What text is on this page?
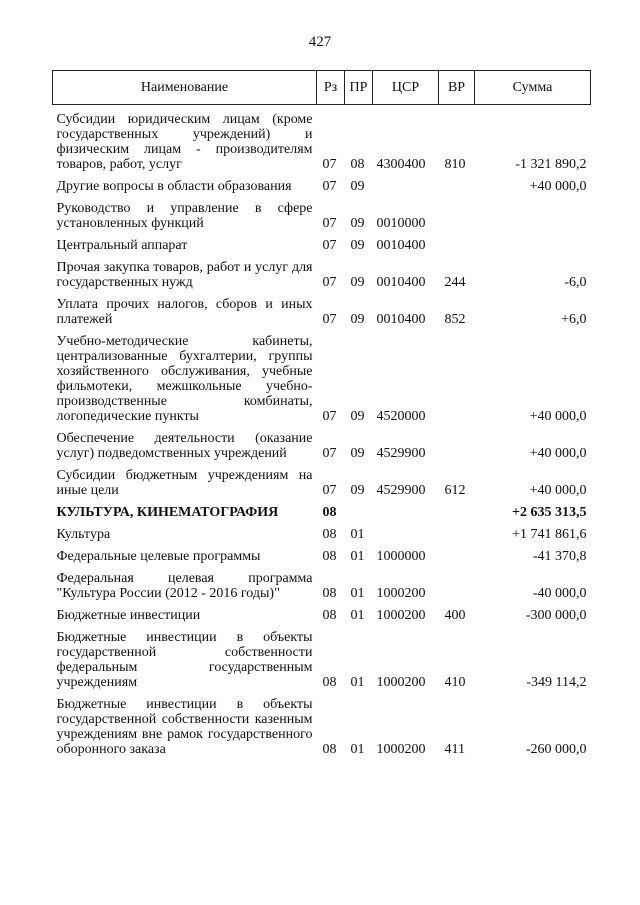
427
Наименование	Рз	ПР	ЦСР	ВР	Сумма

Субсидии юридическим лицам (кроме государственных учреждений) и физическим лицам - производителям товаров, работ, услуг	07	08	4300400	810	-1 321 890,2

Другие вопросы в области образования	07	09			+40 000,0

Руководство и управление в сфере установленных функций	07	09	0010000		

Центральный аппарат	07	09	0010400		

Прочая закупка товаров, работ и услуг для государственных нужд	07	09	0010400	244	-6,0

Уплата прочих налогов, сборов и иных платежей	07	09	0010400	852	+6,0

Учебно-методические кабинеты, централизованные бухгалтерии, группы хозяйственного обслуживания, учебные фильмотеки, межшкольные учебно-производственные комбинаты, логопедические пункты	07	09	4520000		+40 000,0

Обеспечение деятельности (оказание услуг) подведомственных учреждений	07	09	4529900		+40 000,0

Субсидии бюджетным учреждениям на иные цели	07	09	4529900	612	+40 000,0

КУЛЬТУРА, КИНЕМАТОГРАФИЯ	08				+2 635 313,5

Культура	08	01			+1 741 861,6

Федеральные целевые программы	08	01	1000000		-41 370,8

Федеральная целевая программа "Культура России (2012 - 2016 годы)"	08	01	1000200		-40 000,0

Бюджетные инвестиции	08	01	1000200	400	-300 000,0

Бюджетные инвестиции в объекты государственной собственности федеральным государственным учреждениям	08	01	1000200	410	-349 114,2

Бюджетные инвестиции в объекты государственной собственности казенным учреждениям вне рамок государственного оборонного заказа	08	01	1000200	411	-260 000,0
